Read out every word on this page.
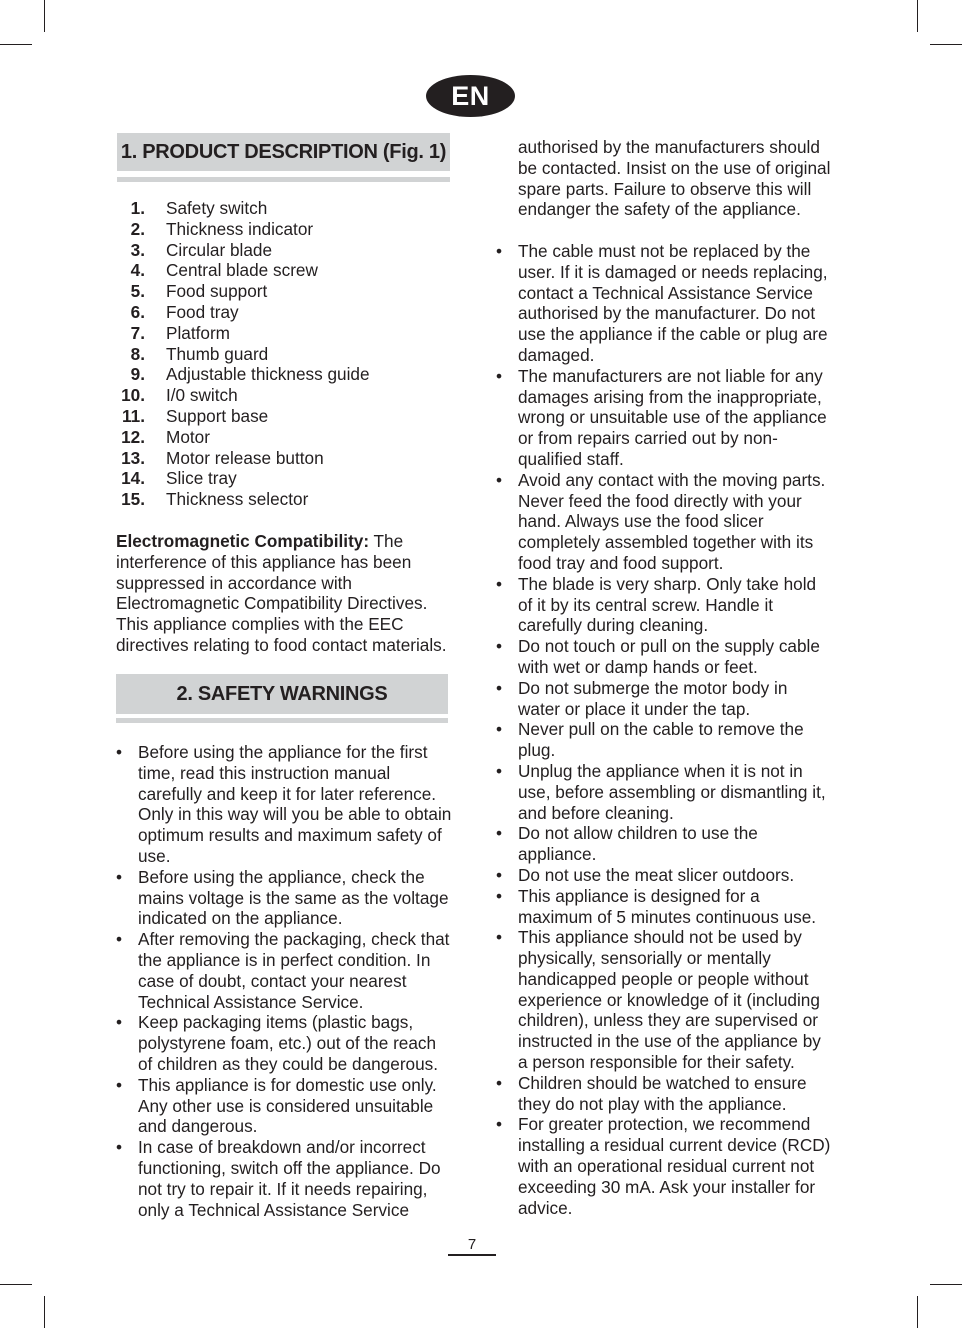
EN
1. PRODUCT DESCRIPTION (Fig. 1)
1. Safety switch
2. Thickness indicator
3. Circular blade
4. Central blade screw
5. Food support
6. Food tray
7. Platform
8. Thumb guard
9. Adjustable thickness guide
10. I/0 switch
11. Support base
12. Motor
13. Motor release button
14. Slice tray
15. Thickness selector

Electromagnetic Compatibility: The interference of this appliance has been suppressed in accordance with Electromagnetic Compatibility Directives. This appliance complies with the EEC directives relating to food contact materials.

2. SAFETY WARNINGS
• Before using the appliance for the first time, read this instruction manual carefully and keep it for later reference. Only in this way will you be able to obtain optimum results and maximum safety of use.
• Before using the appliance, check the mains voltage is the same as the voltage indicated on the appliance.
• After removing the packaging, check that the appliance is in perfect condition. In case of doubt, contact your nearest Technical Assistance Service.
• Keep packaging items (plastic bags, polystyrene foam, etc.) out of the reach of children as they could be dangerous.
• This appliance is for domestic use only. Any other use is considered unsuitable and dangerous.
• In case of breakdown and/or incorrect functioning, switch off the appliance. Do not try to repair it. If it needs repairing, only a Technical Assistance Service

authorised by the manufacturers should be contacted. Insist on the use of original spare parts. Failure to observe this will endanger the safety of the appliance.

• The cable must not be replaced by the user. If it is damaged or needs replacing, contact a Technical Assistance Service authorised by the manufacturer. Do not use the appliance if the cable or plug are damaged.
• The manufacturers are not liable for any damages arising from the inappropriate, wrong or unsuitable use of the appliance or from repairs carried out by non-qualified staff.
• Avoid any contact with the moving parts. Never feed the food directly with your hand. Always use the food slicer completely assembled together with its food tray and food support.
• The blade is very sharp. Only take hold of it by its central screw. Handle it carefully during cleaning.
• Do not touch or pull on the supply cable with wet or damp hands or feet.
• Do not submerge the motor body in water or place it under the tap.
• Never pull on the cable to remove the plug.
• Unplug the appliance when it is not in use, before assembling or dismantling it, and before cleaning.
• Do not allow children to use the appliance.
• Do not use the meat slicer outdoors.
• This appliance is designed for a maximum of 5 minutes continuous use.
• This appliance should not be used by physically, sensorially or mentally handicapped people or people without experience or knowledge of it (including children), unless they are supervised or instructed in the use of the appliance by a person responsible for their safety.
• Children should be watched to ensure they do not play with the appliance.
• For greater protection, we recommend installing a residual current device (RCD) with an operational residual current not exceeding 30 mA. Ask your installer for advice.
7
